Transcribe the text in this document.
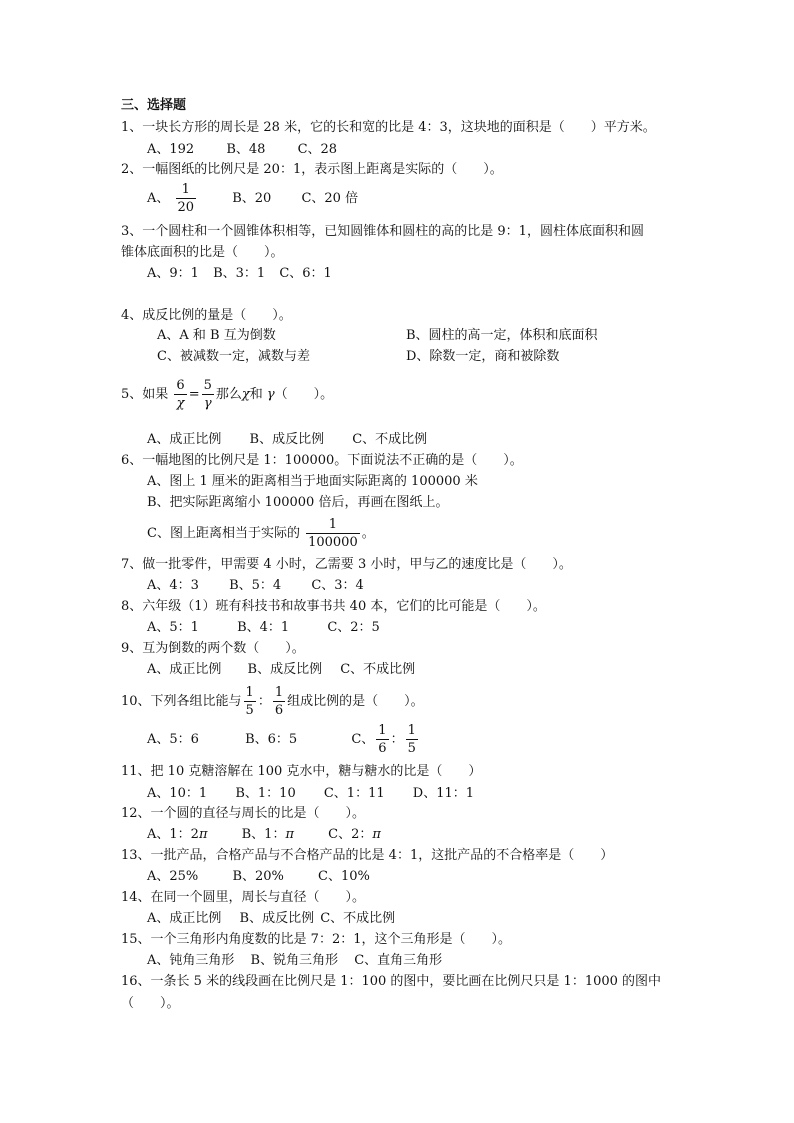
三、选择题
1、一块长方形的周长是 28 米，它的长和宽的比是 4：3，这块地的面积是（　　）平方米。
A、192 B、48 C、28
2、一幅图纸的比例尺是 20：1，表示图上距离是实际的（　　）。
A、 $\frac{1}{20}$	B、20 C、20 倍
3、一个圆柱和一个圆锥体积相等，已知圆锥体和圆柱的高的比是 9：1，圆柱体底面积和圆
锥体底面积的比是（　　）。
A、9：1 B、3：1 C、6：1
4、成反比例的量是（　　）。
A、A 和 B 互为倒数	B、圆柱的高一定，体积和底面积
C、被减数一定，减数与差	D、除数一定，商和被除数
5、如果 $\frac{6}{\chi} = \frac{5}{\gamma}$ 那么χ和 γ（　　）。
A、成正比例 B、成反比例 C、不成比例
6、一幅地图的比例尺是 1：100000。下面说法不正确的是（　　）。
A、图上 1 厘米的距离相当于地面实际距离的 100000 米
B、把实际距离缩小 100000 倍后，再画在图纸上。
C、图上距离相当于实际的 $\frac{1}{100000}$ 。
7、做一批零件，甲需要 4 小时，乙需要 3 小时，甲与乙的速度比是（　　）。
A、4：3 B、5：4 C、3：4
8、六年级（1）班有科技书和故事书共 40 本，它们的比可能是（　　）。
A、5：1	B、4：1	C、2：5
9、互为倒数的两个数（　　）。
A、成正比例 B、成反比例 C、不成比例
10、下列各组比能与 $\frac{1}{5}$ ： $\frac{1}{6}$ 组成比例的是（　　）。
A、5：6	B、6：5	C、 $\frac{1}{6}$ ： $\frac{1}{5}$
11、把 10 克糖溶解在 100 克水中，糖与糖水的比是（　　）
A、10：1 B、1：10 C、1：11 D、11：1
12、一个圆的直径与周长的比是（　　）。
A、1：2π	B、1：π	C、2：π
13、一批产品，合格产品与不合格产品的比是 4：1，这批产品的不合格率是（　　）
A、25%	B、20%	C、10%
14、在同一个圆里，周长与直径（　　）。
A、成正比例 B、成反比例 C、不成比例
15、一个三角形内角度数的比是 7：2：1，这个三角形是（　　）。
A、钝角三角形 B、锐角三角形 C、直角三角形
16、一条长 5 米的线段画在比例尺是 1：100 的图中，要比画在比例尺只是 1：1000 的图中
（　　）。
